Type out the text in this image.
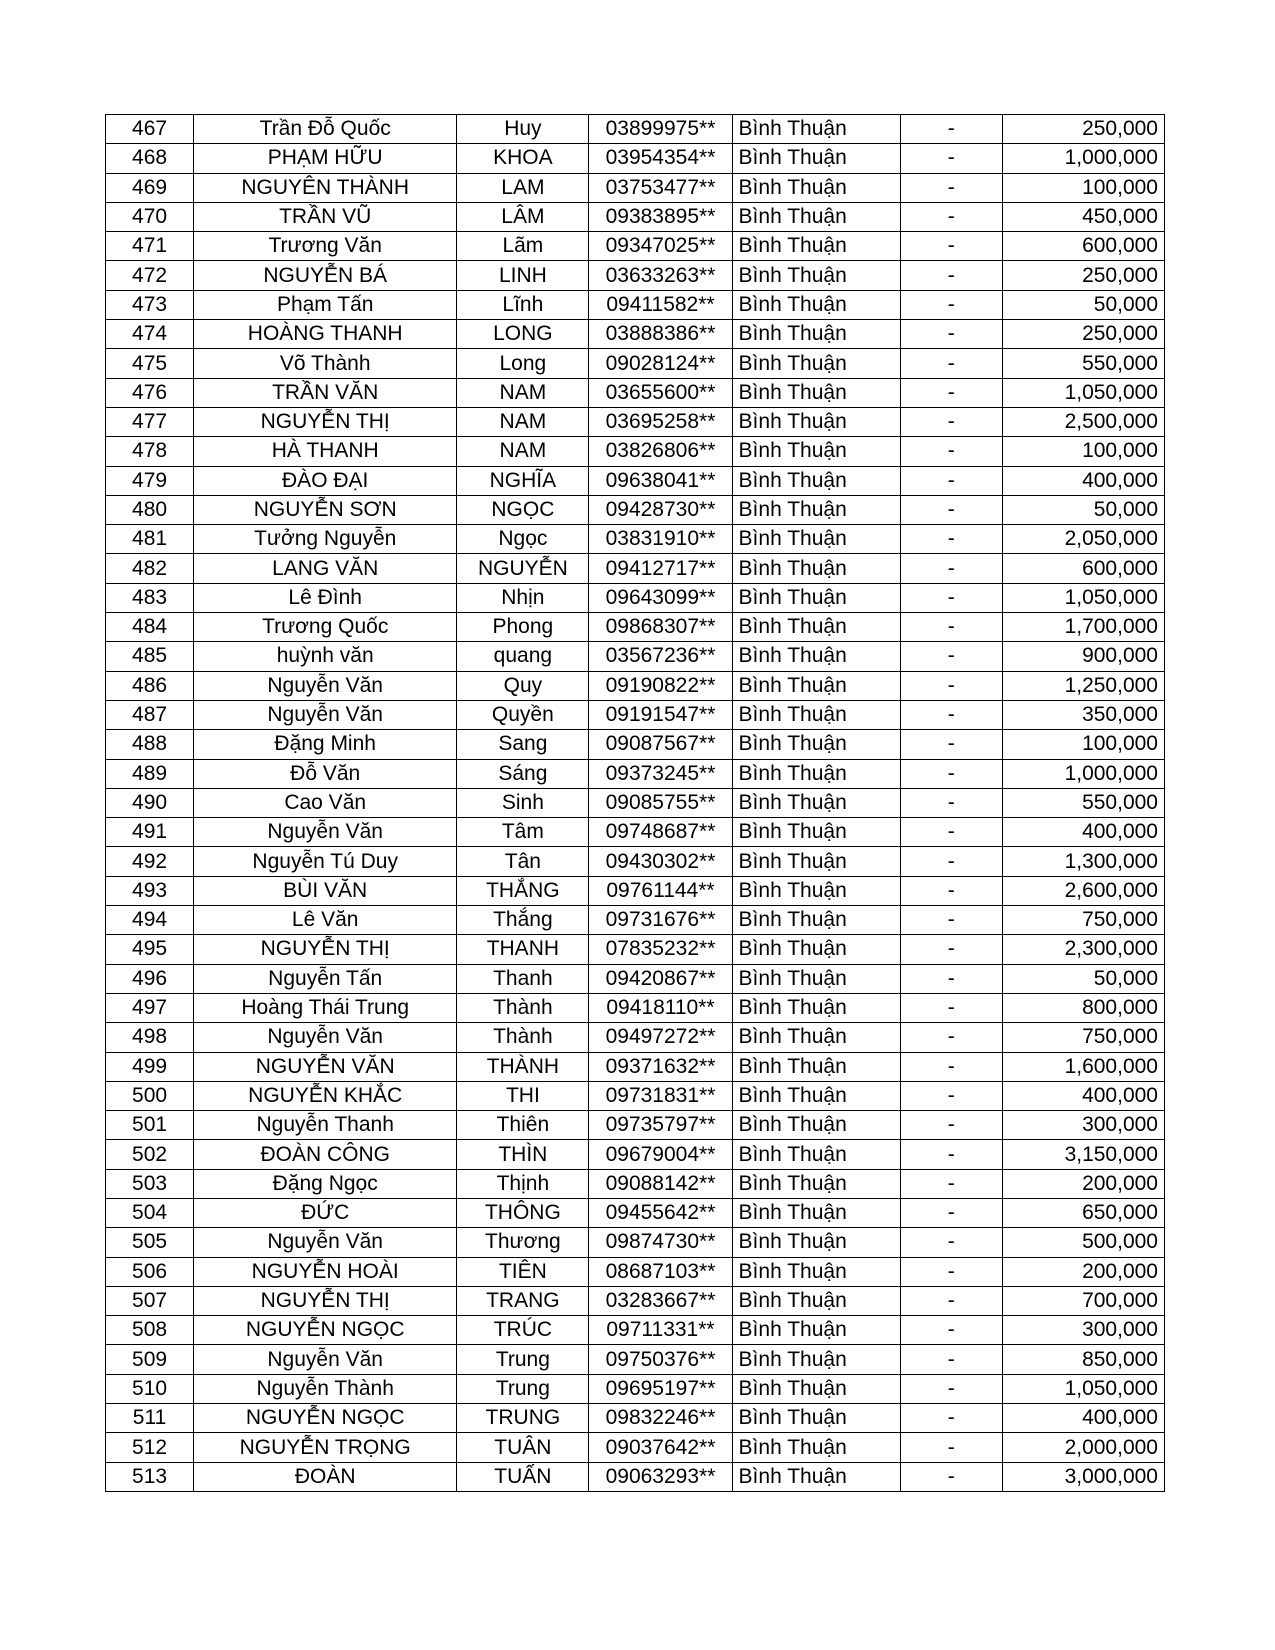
467	Trần Đỗ Quốc	Huy	03899975**	Bình Thuận	-	250,000
468	PHẠM HỮU	KHOA	03954354**	Bình Thuận	-	1,000,000
469	NGUYÊN THÀNH	LAM	03753477**	Bình Thuận	-	100,000
470	TRẦN VŨ	LÂM	09383895**	Bình Thuận	-	450,000
471	Trương Văn	Lãm	09347025**	Bình Thuận	-	600,000
472	NGUYỄN BÁ	LINH	03633263**	Bình Thuận	-	250,000
473	Phạm Tấn	Lĩnh	09411582**	Bình Thuận	-	50,000
474	HOÀNG THANH	LONG	03888386**	Bình Thuận	-	250,000
475	Võ Thành	Long	09028124**	Bình Thuận	-	550,000
476	TRẦN VĂN	NAM	03655600**	Bình Thuận	-	1,050,000
477	NGUYỄN THỊ	NAM	03695258**	Bình Thuận	-	2,500,000
478	HÀ THANH	NAM	03826806**	Bình Thuận	-	100,000
479	ĐÀO ĐẠI	NGHĨA	09638041**	Bình Thuận	-	400,000
480	NGUYỄN SƠN	NGỌC	09428730**	Bình Thuận	-	50,000
481	Tưởng Nguyễn	Ngọc	03831910**	Bình Thuận	-	2,050,000
482	LANG VĂN	NGUYỄN	09412717**	Bình Thuận	-	600,000
483	Lê Đình	Nhịn	09643099**	Bình Thuận	-	1,050,000
484	Trương Quốc	Phong	09868307**	Bình Thuận	-	1,700,000
485	huỳnh văn	quang	03567236**	Bình Thuận	-	900,000
486	Nguyễn Văn	Quy	09190822**	Bình Thuận	-	1,250,000
487	Nguyễn Văn	Quyền	09191547**	Bình Thuận	-	350,000
488	Đặng Minh	Sang	09087567**	Bình Thuận	-	100,000
489	Đỗ Văn	Sáng	09373245**	Bình Thuận	-	1,000,000
490	Cao Văn	Sinh	09085755**	Bình Thuận	-	550,000
491	Nguyễn Văn	Tâm	09748687**	Bình Thuận	-	400,000
492	Nguyễn Tú Duy	Tân	09430302**	Bình Thuận	-	1,300,000
493	BÙI VĂN	THẮNG	09761144**	Bình Thuận	-	2,600,000
494	Lê Văn	Thắng	09731676**	Bình Thuận	-	750,000
495	NGUYỄN THỊ	THANH	07835232**	Bình Thuận	-	2,300,000
496	Nguyễn Tấn	Thanh	09420867**	Bình Thuận	-	50,000
497	Hoàng Thái Trung	Thành	09418110**	Bình Thuận	-	800,000
498	Nguyễn Văn	Thành	09497272**	Bình Thuận	-	750,000
499	NGUYỄN VĂN	THÀNH	09371632**	Bình Thuận	-	1,600,000
500	NGUYỄN KHẮC	THI	09731831**	Bình Thuận	-	400,000
501	Nguyễn Thanh	Thiên	09735797**	Bình Thuận	-	300,000
502	ĐOÀN CÔNG	THÌN	09679004**	Bình Thuận	-	3,150,000
503	Đặng Ngọc	Thịnh	09088142**	Bình Thuận	-	200,000
504	ĐỨC	THÔNG	09455642**	Bình Thuận	-	650,000
505	Nguyễn Văn	Thương	09874730**	Bình Thuận	-	500,000
506	NGUYỄN HOÀI	TIÊN	08687103**	Bình Thuận	-	200,000
507	NGUYỄN THỊ	TRANG	03283667**	Bình Thuận	-	700,000
508	NGUYỄN NGỌC	TRÚC	09711331**	Bình Thuận	-	300,000
509	Nguyễn Văn	Trung	09750376**	Bình Thuận	-	850,000
510	Nguyễn Thành	Trung	09695197**	Bình Thuận	-	1,050,000
511	NGUYỄN NGỌC	TRUNG	09832246**	Bình Thuận	-	400,000
512	NGUYỄN TRỌNG	TUÂN	09037642**	Bình Thuận	-	2,000,000
513	ĐOÀN	TUẤN	09063293**	Bình Thuận	-	3,000,000
